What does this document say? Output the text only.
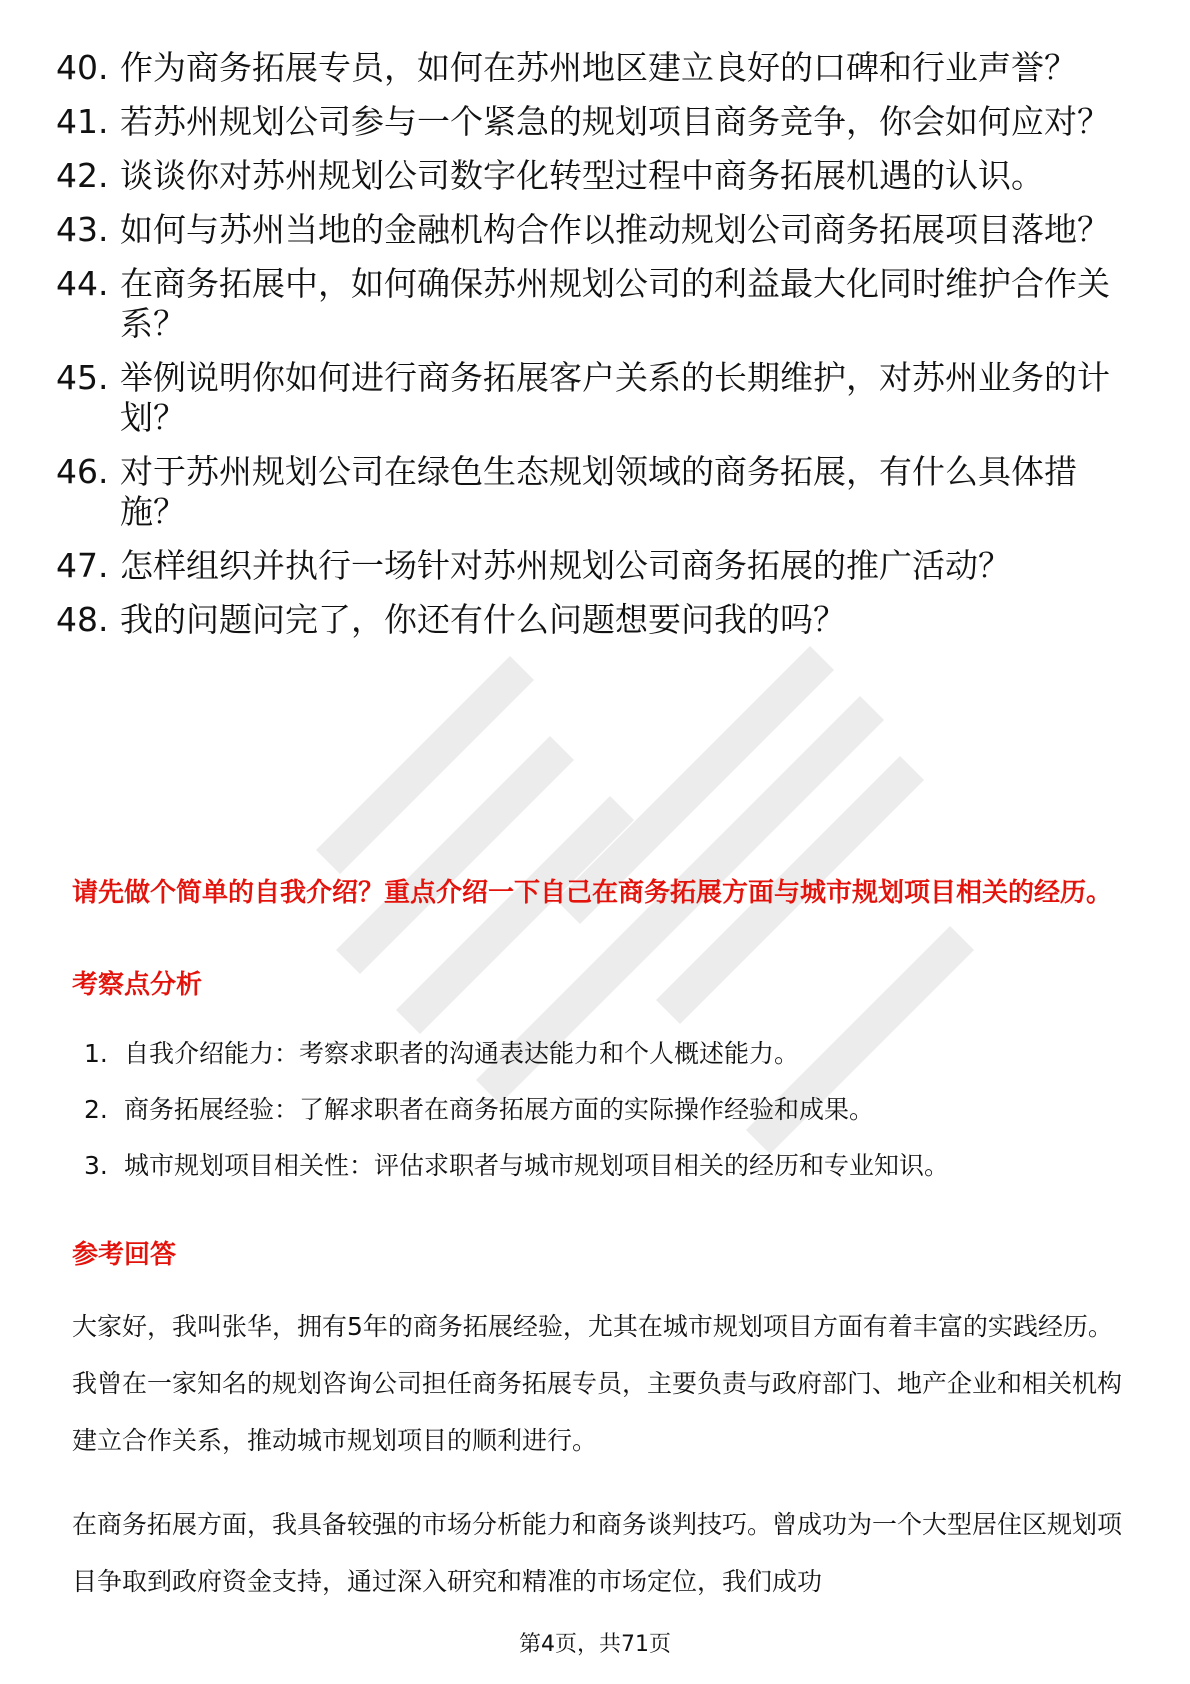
40. 作为商务拓展专员，如何在苏州地区建立良好的口碑和行业声誉？
41. 若苏州规划公司参与一个紧急的规划项目商务竞争，你会如何应对？
42. 谈谈你对苏州规划公司数字化转型过程中商务拓展机遇的认识。
43. 如何与苏州当地的金融机构合作以推动规划公司商务拓展项目落地？
44. 在商务拓展中，如何确保苏州规划公司的利益最大化同时维护合作关系？
45. 举例说明你如何进行商务拓展客户关系的长期维护，对苏州业务的计划？
46. 对于苏州规划公司在绿色生态规划领域的商务拓展，有什么具体措施？
47. 怎样组织并执行一场针对苏州规划公司商务拓展的推广活动？
48. 我的问题问完了，你还有什么问题想要问我的吗？
请先做个简单的自我介绍？重点介绍一下自己在商务拓展方面与城市规划项目相关的经历。
考察点分析
1. 自我介绍能力：考察求职者的沟通表达能力和个人概述能力。
2. 商务拓展经验：了解求职者在商务拓展方面的实际操作经验和成果。
3. 城市规划项目相关性：评估求职者与城市规划项目相关的经历和专业知识。
参考回答

大家好，我叫张华，拥有5年的商务拓展经验，尤其在城市规划项目方面有着丰富的实践经历。我曾在一家知名的规划咨询公司担任商务拓展专员，主要负责与政府部门、地产企业和相关机构建立合作关系，推动城市规划项目的顺利进行。

在商务拓展方面，我具备较强的市场分析能力和商务谈判技巧。曾成功为一个大型居住区规划项目争取到政府资金支持，通过深入研究和精准的市场定位，我们成功

第4页，共71页
